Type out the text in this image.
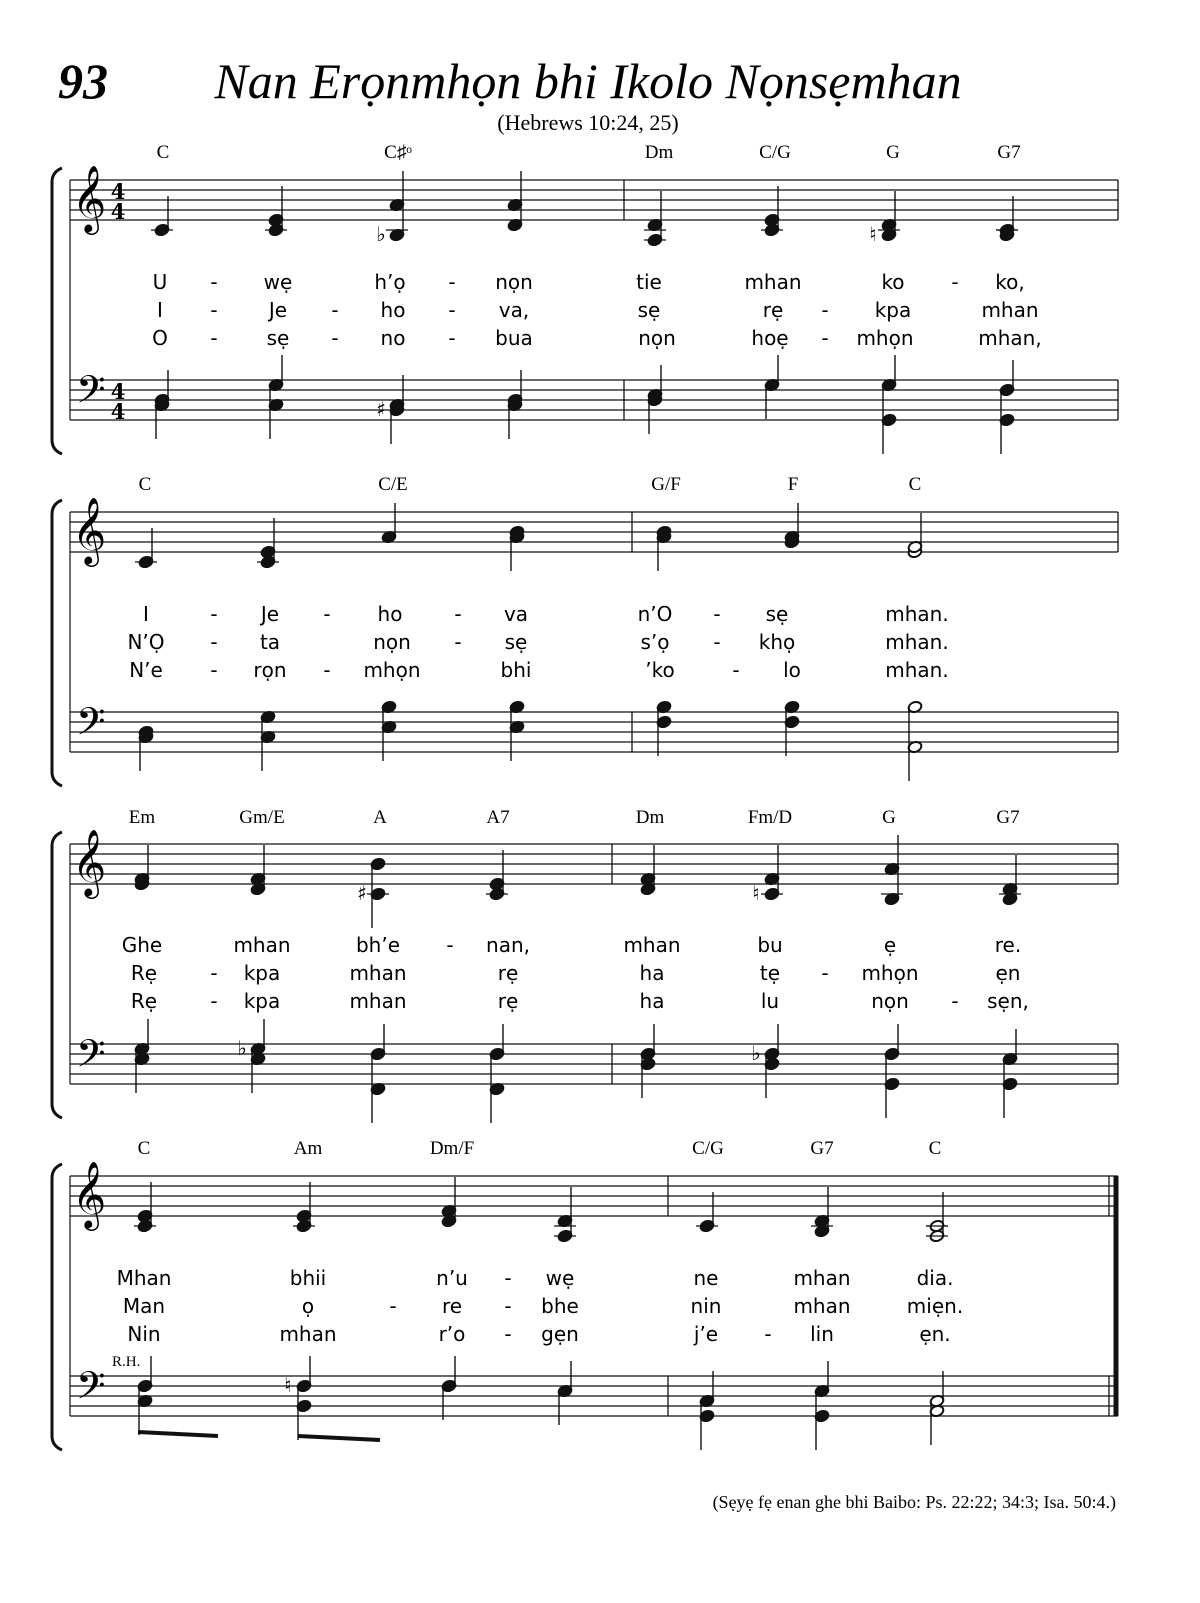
93 Nan Erọnmhọn bhi Ikolo Nọnsẹmhan
(Hebrews 10:24, 25)
𝄞
𝄢
4
4
4
4
C	C♯ᵒ	Dm	C/G	G	G7
U - wẹ	h’ọ - nọn	tie	mhan	ko - ko,
I -	Je - ho - va,	sẹ	rẹ - kpa	mhan
O - sẹ - no - bua	nọn	hoẹ - mhọn	mhan,
♭	♮
♯
𝄞
𝄢
C	C/E	G/F	F	C
I	- Je - ho	- va	n’O - sẹ	mhan.
N’Ọ - ta	nọn - sẹ	s’ọ - khọ	mhan.
N’e - rọn - mhọn	bhi	’ko	- lo	mhan.
𝄞
𝄢
Em	Gm/E	A	A7	Dm	Fm/D	G	G7
Ghe	mhan	bh’e - nan,	mhan	bu	ẹ	re.
Rẹ	- kpa	mhan	rẹ	ha	tẹ - mhọn	ẹn
Rẹ	- kpa	mhan	rẹ	ha	lu	nọn - sẹn,
♯	♮
♭	♭
𝄞
𝄢
C	Am	Dm/F	C/G	G7	C
Mhan	bhii	n’u - wẹ	ne	mhan	dia.
Man	ọ	- re - bhe	nin	mhan	miẹn.
Nin	mhan	r’o - gẹn	j’e - lin	ẹn.
♮
R.H.
(Sẹyẹ fẹ enan ghe bhi Baibo: Ps. 22:22; 34:3; Isa. 50:4.)
